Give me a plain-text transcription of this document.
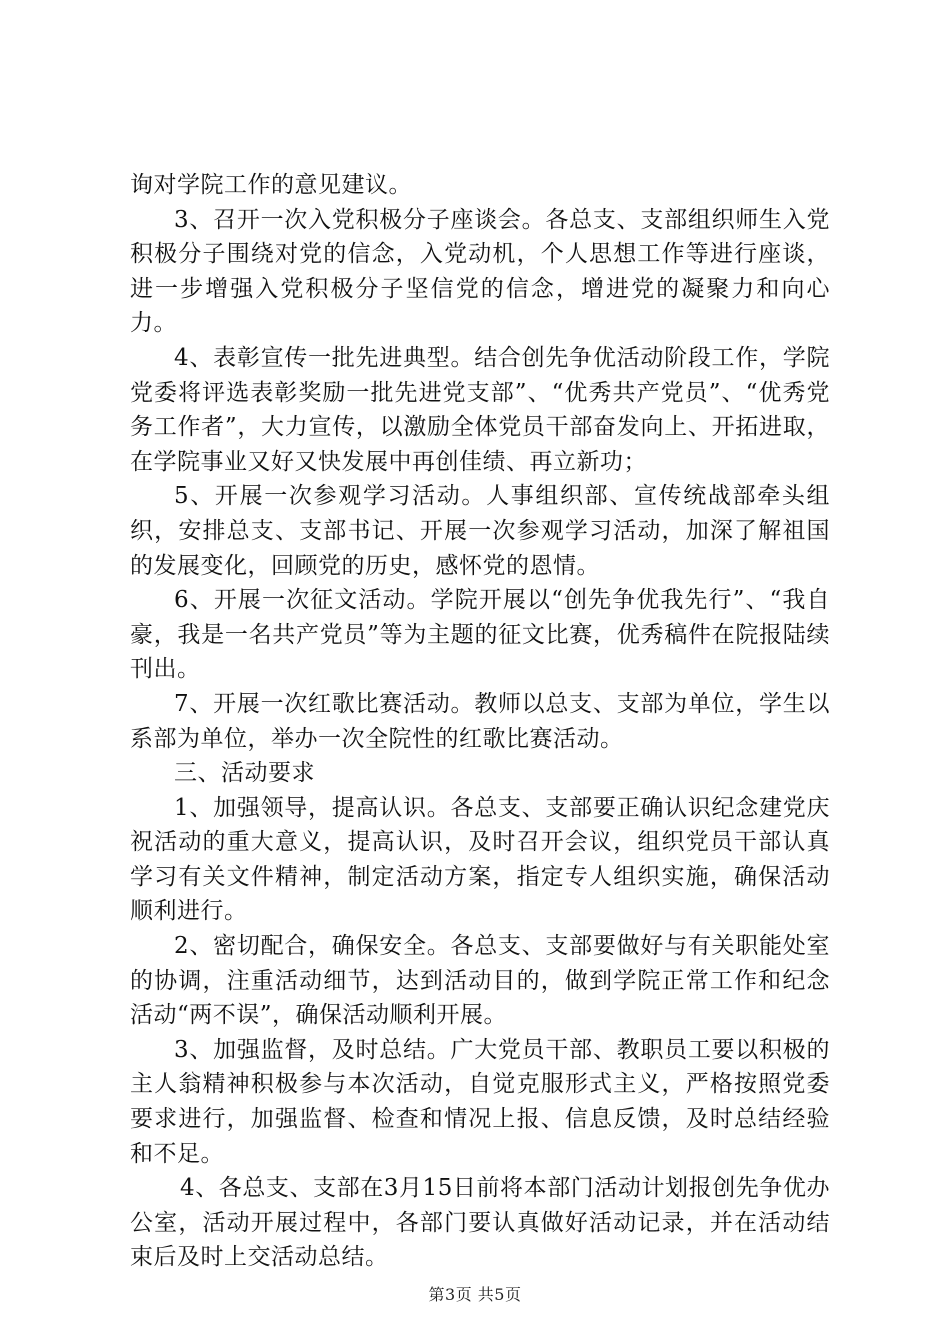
询对学院工作的意见建议。

3、召开一次入党积极分子座谈会。各总支、支部组织师生入党积极分子围绕对党的信念，入党动机，个人思想工作等进行座谈，进一步增强入党积极分子坚信党的信念，增进党的凝聚力和向心力。

4、表彰宣传一批先进典型。结合创先争优活动阶段工作，学院党委将评选表彰奖励一批先进党支部”、“优秀共产党员”、“优秀党务工作者”，大力宣传，以激励全体党员干部奋发向上、开拓进取，在学院事业又好又快发展中再创佳绩、再立新功；

5、开展一次参观学习活动。人事组织部、宣传统战部牵头组织，安排总支、支部书记、开展一次参观学习活动，加深了解祖国的发展变化，回顾党的历史，感怀党的恩情。

6、开展一次征文活动。学院开展以“创先争优我先行”、“我自豪，我是一名共产党员”等为主题的征文比赛，优秀稿件在院报陆续刊出。

7、开展一次红歌比赛活动。教师以总支、支部为单位，学生以系部为单位，举办一次全院性的红歌比赛活动。

三、活动要求

1、加强领导，提高认识。各总支、支部要正确认识纪念建党庆祝活动的重大意义，提高认识，及时召开会议，组织党员干部认真学习有关文件精神，制定活动方案，指定专人组织实施，确保活动顺利进行。

2、密切配合，确保安全。各总支、支部要做好与有关职能处室的协调，注重活动细节，达到活动目的，做到学院正常工作和纪念活动“两不误”，确保活动顺利开展。

3、加强监督，及时总结。广大党员干部、教职员工要以积极的主人翁精神积极参与本次活动，自觉克服形式主义，严格按照党委要求进行，加强监督、检查和情况上报、信息反馈，及时总结经验和不足。

4、各总支、支部在3月15日前将本部门活动计划报创先争优办公室，活动开展过程中，各部门要认真做好活动记录，并在活动结束后及时上交活动总结。

第3页 共5页
